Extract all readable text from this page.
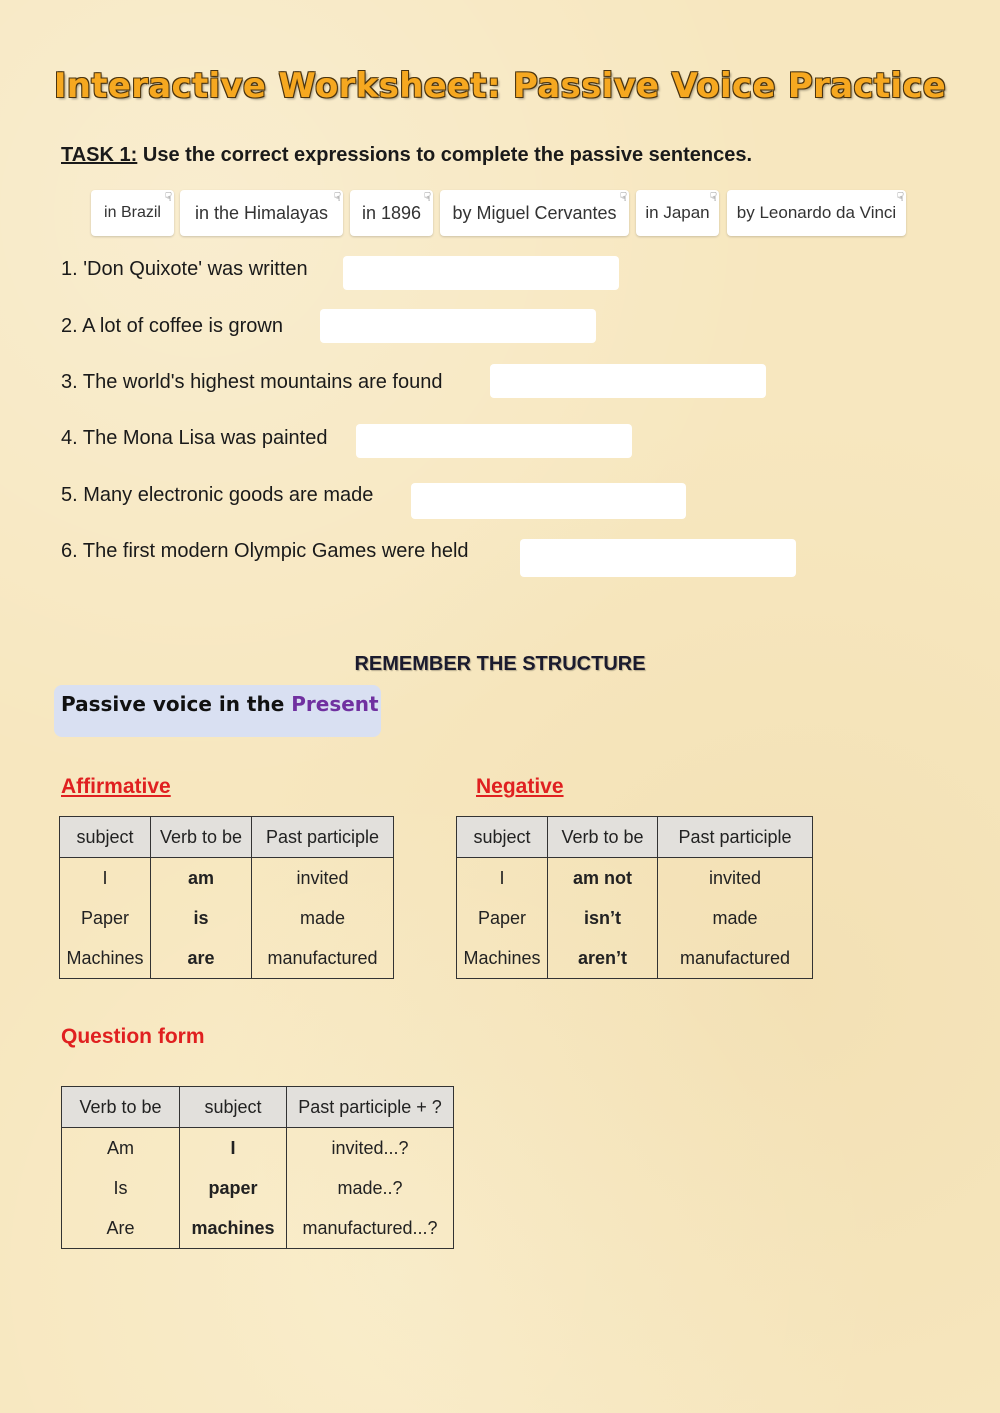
Interactive Worksheet: Passive Voice Practice
TASK 1: Use the correct expressions to complete the passive sentences.
in Brazil
☟
in the Himalayas
☟
in 1896
☟
by Miguel Cervantes
☟
in Japan
☟
by Leonardo da Vinci
☟
1. 'Don Quixote' was written
2. A lot of coffee is grown
3. The world's highest mountains are found
4. The Mona Lisa was painted
5. Many electronic goods are made
6. The first modern Olympic Games were held
REMEMBER THE STRUCTURE
Passive voice in the Present
Affirmative	Negative
subject	Verb to be	Past participle
I	am	invited
Paper	is	made
Machines	are	manufactured
subject	Verb to be	Past participle
I	am not	invited
Paper	isn’t	made
Machines	aren’t	manufactured
Question form
Verb to be	subject	Past participle + ?
Am	I	invited...?
Is	paper	made..?
Are	machines	manufactured...?
